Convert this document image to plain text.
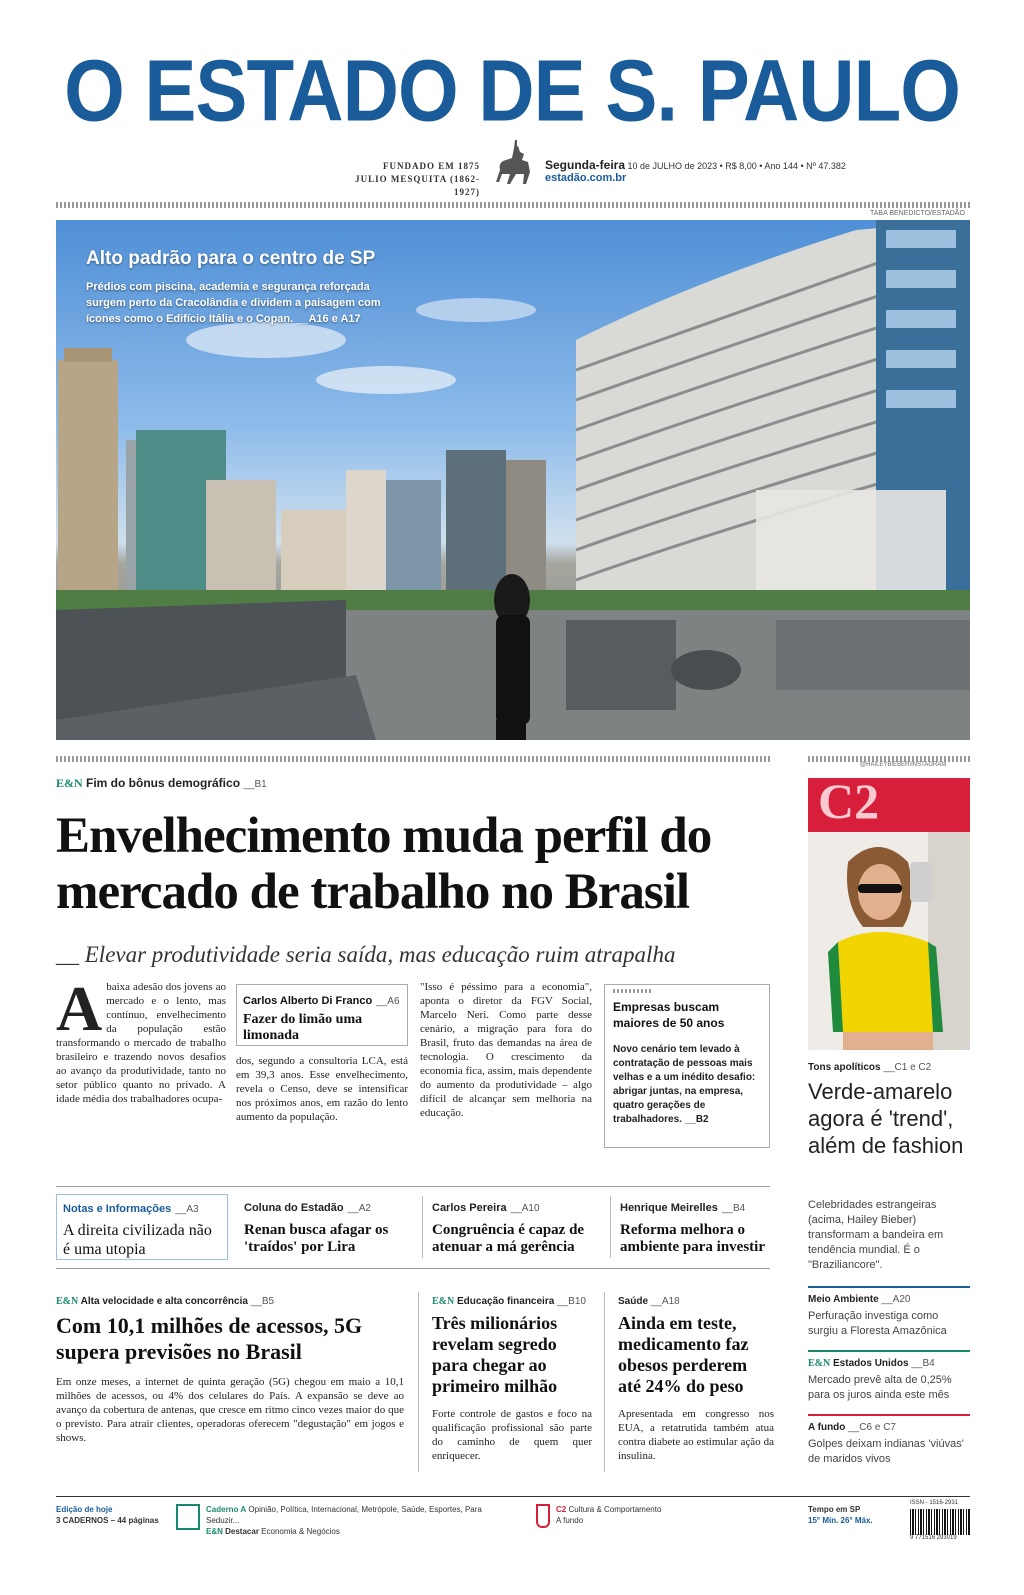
O ESTADO DE S. PAULO
FUNDADO EM 1875
JULIO MESQUITA (1862-1927)
Segunda-feira 10 de JULHO de 2023 • R$ 8,00 • Ano 144 • Nº 47.382
estadão.com.br
TABA BENEDICTO/ESTADÃO
Alto padrão para o centro de SP
Prédios com piscina, academia e segurança reforçada surgem perto da Cracolândia e dividem a paisagem com ícones como o Edifício Itália e o Copan. __A16 e A17
E&N Fim do bônus demográfico __B1
Envelhecimento muda perfil do mercado de trabalho no Brasil
__ Elevar produtividade seria saída, mas educação ruim atrapalha
A baixa adesão dos jovens ao mercado e o lento, mas contínuo, envelhecimento da população estão transformando o mercado de trabalho brasileiro e trazendo novos desafios ao avanço da produtividade, tanto no setor público quanto no privado. A idade média dos trabalhadores ocupa-
Carlos Alberto Di Franco __A6
Fazer do limão uma limonada
dos, segundo a consultoria LCA, está em 39,3 anos. Esse envelhecimento, revela o Censo, deve se intensificar nos próximos anos, em razão do lento aumento da população.
"Isso é péssimo para a economia", aponta o diretor da FGV Social, Marcelo Neri. Como parte desse cenário, a migração para fora do Brasil, fruto das demandas na área de tecnologia. O crescimento da economia fica, assim, mais dependente do aumento da produtividade – algo difícil de alcançar sem melhoria na educação.
Empresas buscam maiores de 50 anos
Novo cenário tem levado à contratação de pessoas mais velhas e a um inédito desafio: abrigar juntas, na empresa, quatro gerações de trabalhadores. __B2
@HAILEYBIEBER/INSTAGRAM
C2
Tons apolíticos __C1 e C2
Verde-amarelo agora é 'trend', além de fashion
Celebridades estrangeiras (acima, Hailey Bieber) transformam a bandeira em tendência mundial. É o "Braziliancore".
Notas e Informações __A3
A direita civilizada não é uma utopia
Coluna do Estadão __A2
Renan busca afagar os 'traídos' por Lira
Carlos Pereira __A10
Congruência é capaz de atenuar a má gerência
Henrique Meirelles __B4
Reforma melhora o ambiente para investir
E&N Alta velocidade e alta concorrência __B5
Com 10,1 milhões de acessos, 5G supera previsões no Brasil
Em onze meses, a internet de quinta geração (5G) chegou em maio a 10,1 milhões de acessos, ou 4% dos celulares do País. A expansão se deve ao avanço da cobertura de antenas, que cresce em ritmo cinco vezes maior do que o previsto. Para atrair clientes, operadoras oferecem "degustação" em jogos e shows.
E&N Educação financeira __B10
Três milionários revelam segredo para chegar ao primeiro milhão
Forte controle de gastos e foco na qualificação profissional são parte do caminho de quem quer enriquecer.
Saúde __A18
Ainda em teste, medicamento faz obesos perderem até 24% do peso
Apresentada em congresso nos EUA, a retatrutida também atua contra diabete ao estimular ação da insulina.
Meio Ambiente __A20
Perfuração investiga como surgiu a Floresta Amazônica
E&N Estados Unidos __B4
Mercado prevê alta de 0,25% para os juros ainda este mês
A fundo __C6 e C7
Golpes deixam indianas 'viúvas' de maridos vivos
Edição de hoje
3 CADERNOS – 44 páginas
Caderno A Opinião, Política, Internacional, Metrópole, Saúde, Esportes, Para Seduzir...
E&N Destacar Economia & Negócios
C2 Cultura & Comportamento
A fundo
Tempo em SP
15° Mín. 26° Máx.
ISSN - 1516-2931
9 771516 293019
